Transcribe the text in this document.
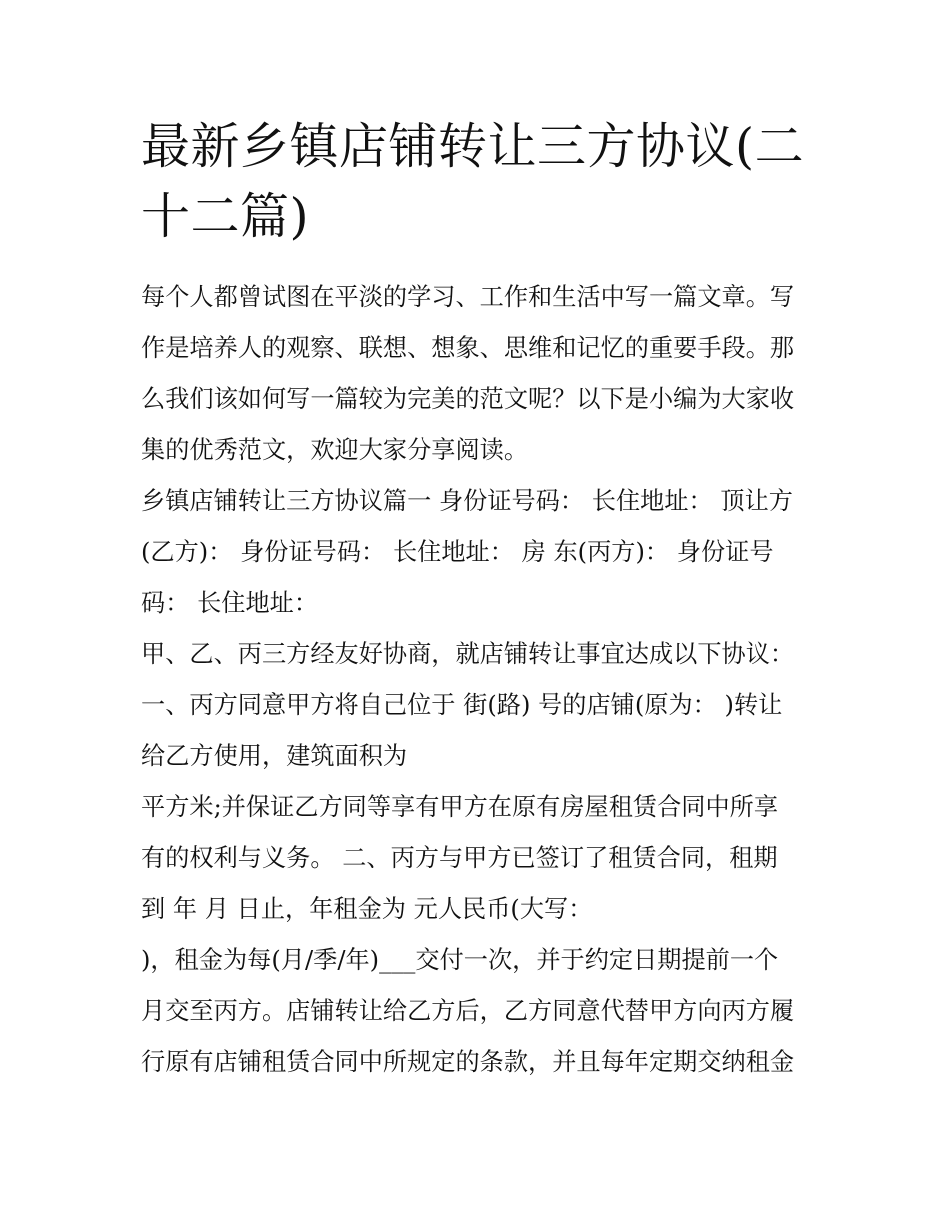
最新乡镇店铺转让三方协议(二
十二篇)
每个人都曾试图在平淡的学习、工作和生活中写一篇文章。写
作是培养人的观察、联想、想象、思维和记忆的重要手段。那
么我们该如何写一篇较为完美的范文呢？以下是小编为大家收
集的优秀范文，欢迎大家分享阅读。
乡镇店铺转让三方协议篇一 身份证号码： 长住地址： 顶让方
(乙方)： 身份证号码： 长住地址： 房 东(丙方)： 身份证号
码： 长住地址：
甲、乙、丙三方经友好协商，就店铺转让事宜达成以下协议：
一、丙方同意甲方将自己位于 街(路) 号的店铺(原为： )转让
给乙方使用，建筑面积为
平方米;并保证乙方同等享有甲方在原有房屋租赁合同中所享
有的权利与义务。 二、丙方与甲方已签订了租赁合同，租期
到 年 月 日止，年租金为 元人民币(大写：
)，租金为每(月/季/年)___交付一次，并于约定日期提前一个
月交至丙方。店铺转让给乙方后，乙方同意代替甲方向丙方履
行原有店铺租赁合同中所规定的条款，并且每年定期交纳租金
